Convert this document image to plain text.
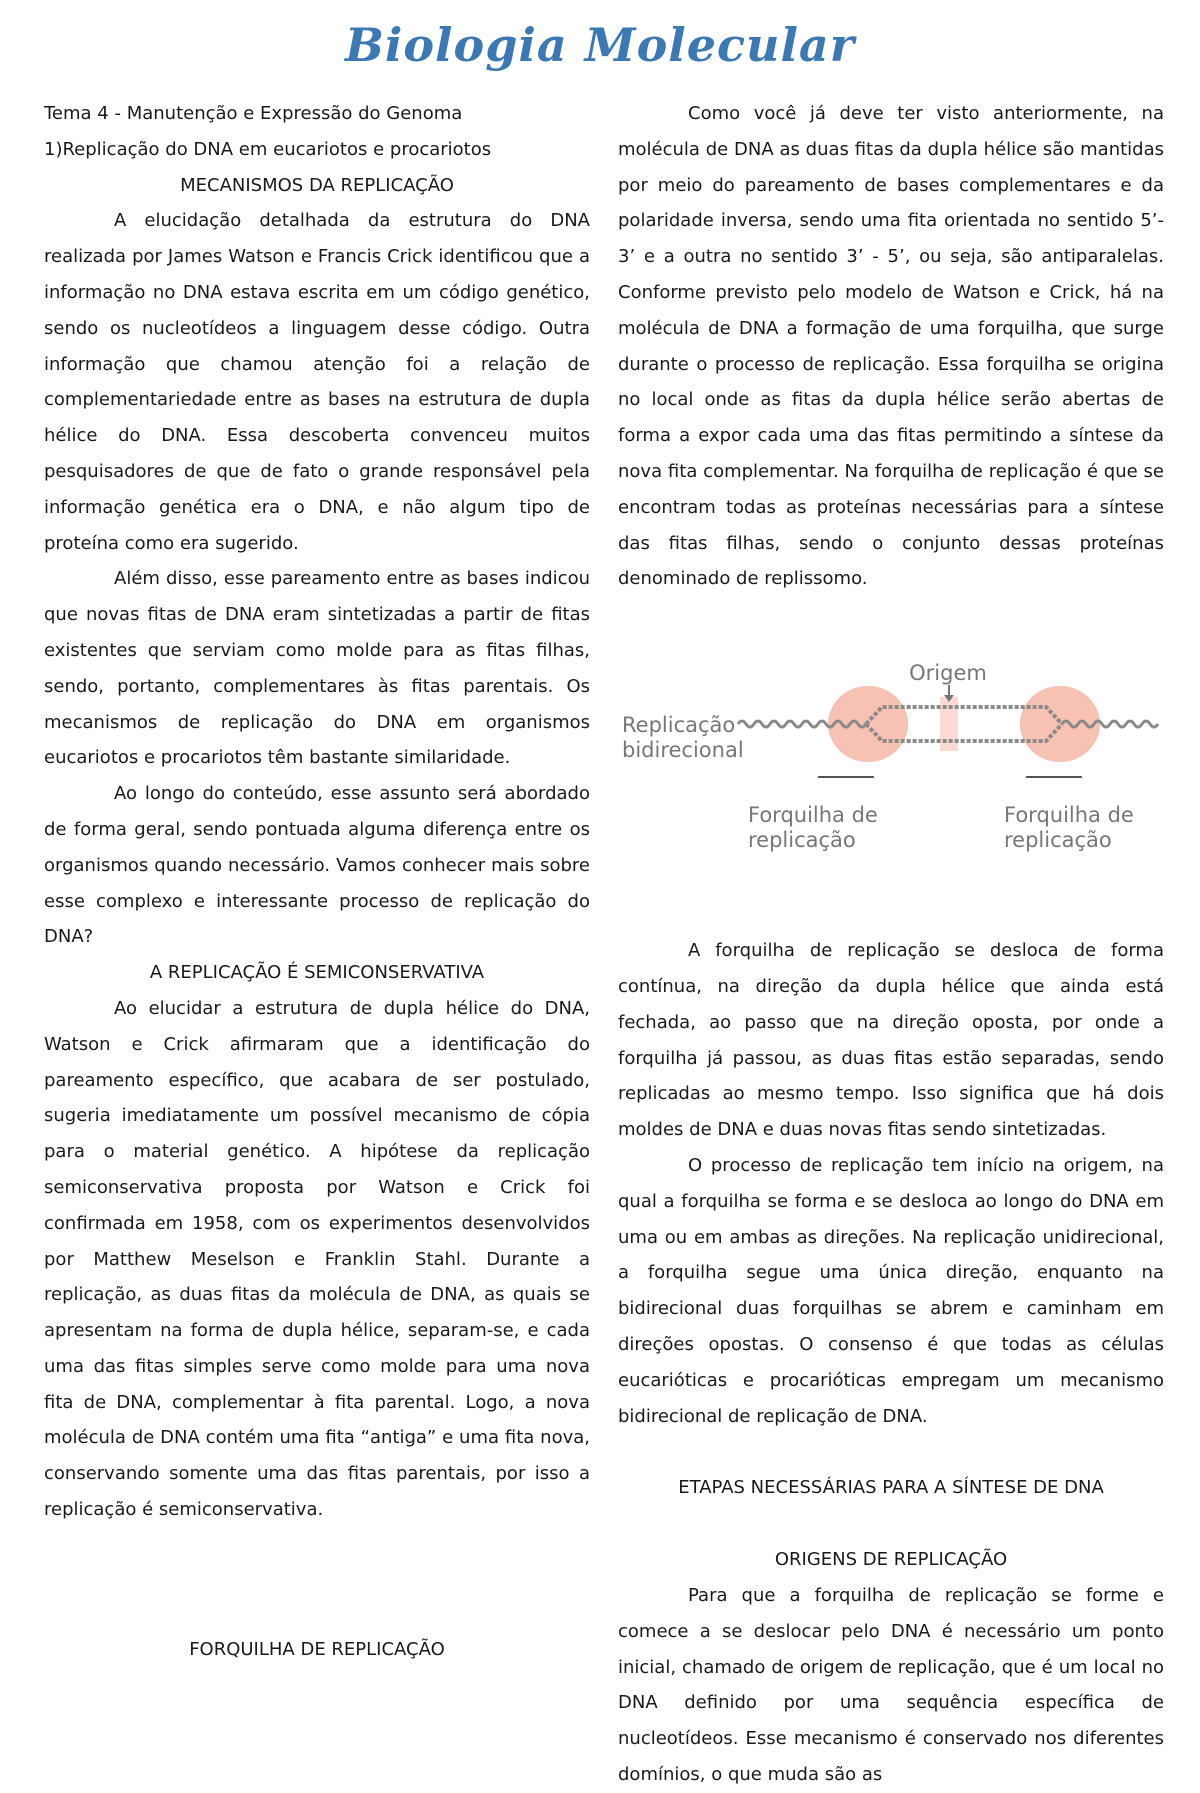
Biologia Molecular

Tema 4 - Manutenção e Expressão do Genoma

1)Replicação do DNA em eucariotos e procariotos

MECANISMOS DA REPLICAÇÃO

A elucidação detalhada da estrutura do DNA realizada por James Watson e Francis Crick identificou que a informação no DNA estava escrita em um código genético, sendo os nucleotídeos a linguagem desse código. Outra informação que chamou atenção foi a relação de complementariedade entre as bases na estrutura de dupla hélice do DNA. Essa descoberta convenceu muitos pesquisadores de que de fato o grande responsável pela informação genética era o DNA, e não algum tipo de proteína como era sugerido.

Além disso, esse pareamento entre as bases indicou que novas fitas de DNA eram sintetizadas a partir de fitas existentes que serviam como molde para as fitas filhas, sendo, portanto, complementares às fitas parentais. Os mecanismos de replicação do DNA em organismos eucariotos e procariotos têm bastante similaridade.

Ao longo do conteúdo, esse assunto será abordado de forma geral, sendo pontuada alguma diferença entre os organismos quando necessário. Vamos conhecer mais sobre esse complexo e interessante processo de replicação do DNA?

A REPLICAÇÃO É SEMICONSERVATIVA

Ao elucidar a estrutura de dupla hélice do DNA, Watson e Crick afirmaram que a identificação do pareamento específico, que acabara de ser postulado, sugeria imediatamente um possível mecanismo de cópia para o material genético. A hipótese da replicação semiconservativa proposta por Watson e Crick foi confirmada em 1958, com os experimentos desenvolvidos por Matthew Meselson e Franklin Stahl. Durante a replicação, as duas fitas da molécula de DNA, as quais se apresentam na forma de dupla hélice, separam-se, e cada uma das fitas simples serve como molde para uma nova fita de DNA, complementar à fita parental. Logo, a nova molécula de DNA contém uma fita “antiga” e uma fita nova, conservando somente uma das fitas parentais, por isso a replicação é semiconservativa.

FORQUILHA DE REPLICAÇÃO

Como você já deve ter visto anteriormente, na molécula de DNA as duas fitas da dupla hélice são mantidas por meio do pareamento de bases complementares e da polaridade inversa, sendo uma fita orientada no sentido 5’- 3’ e a outra no sentido 3’ - 5’, ou seja, são antiparalelas. Conforme previsto pelo modelo de Watson e Crick, há na molécula de DNA a formação de uma forquilha, que surge durante o processo de replicação. Essa forquilha se origina no local onde as fitas da dupla hélice serão abertas de forma a expor cada uma das fitas permitindo a síntese da nova fita complementar. Na forquilha de replicação é que se encontram todas as proteínas necessárias para a síntese das fitas filhas, sendo o conjunto dessas proteínas denominado de replissomo.

Replicação bidirecional
Origem
Forquilha de replicação
Forquilha de replicação

A forquilha de replicação se desloca de forma contínua, na direção da dupla hélice que ainda está fechada, ao passo que na direção oposta, por onde a forquilha já passou, as duas fitas estão separadas, sendo replicadas ao mesmo tempo. Isso significa que há dois moldes de DNA e duas novas fitas sendo sintetizadas.

O processo de replicação tem início na origem, na qual a forquilha se forma e se desloca ao longo do DNA em uma ou em ambas as direções. Na replicação unidirecional, a forquilha segue uma única direção, enquanto na bidirecional duas forquilhas se abrem e caminham em direções opostas. O consenso é que todas as células eucarióticas e procarióticas empregam um mecanismo bidirecional de replicação de DNA.

ETAPAS NECESSÁRIAS PARA A SÍNTESE DE DNA

ORIGENS DE REPLICAÇÃO

Para que a forquilha de replicação se forme e comece a se deslocar pelo DNA é necessário um ponto inicial, chamado de origem de replicação, que é um local no DNA definido por uma sequência específica de nucleotídeos. Esse mecanismo é conservado nos diferentes domínios, o que muda são as
